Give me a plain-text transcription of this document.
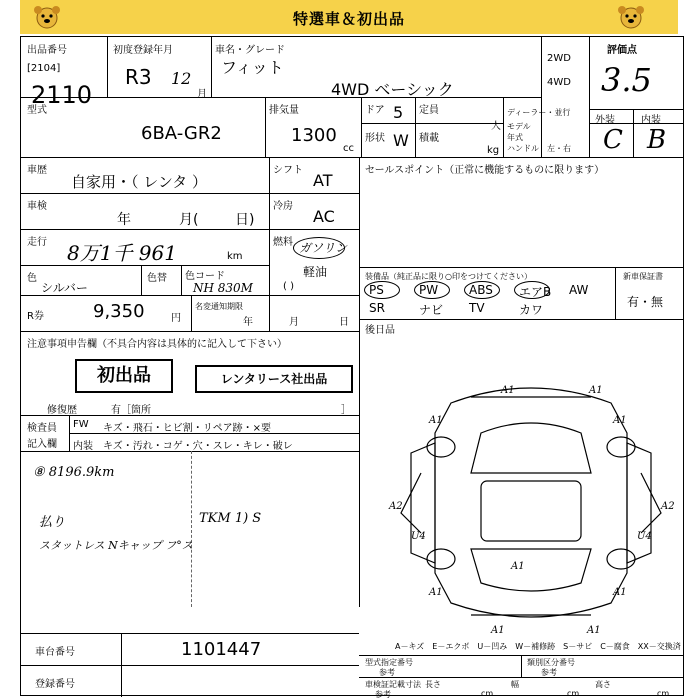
特選車＆初出品
出品番号
[2104]
2110
初度登録年月
R3 12
月
車名・グレード
フィット
4WD ベーシック
2WD
4WD
評価点
3.5
外装	内装
C B
型式
6BA-GR2
排気量
1300
cc
ドア 5
形状 W
定員
人
積載
kg
ディーラー・並行
モデル
年式
ハンドル 左・右
車歴
自家用・（ レンタ ）
シフト
AT
車検
年	月(	日)
冷房
AC
走行 8万1千 961	km
燃料 ガソリン
軽油
( )
色
シルバー
色替 色コード
NH 830M
R券	9,350	円
名変通知期限
年	月	日
セールスポイント（正常に機能するものに限ります）
装備品（純正品に限り○印をつけてください）	新車保証書
有・無
PS	PW	ABS エアB AW
SR	ナビ TV	カワ
後日品
注意事項申告欄（不具合内容は具体的に記入して下さい）
初出品	レンタリース社出品
修復歴	有［箇所	］
検査員
記入欄
FW キズ・飛石・ヒビ割・リペア跡・×要
内装 キズ・汚れ・コゲ・穴・スレ・キレ・破レ
⑧ 8196.9km
払り	TKM 1) S
スタットレス Nキャップ フ°ス
A1	A1
A1	A1
A2	A2
U4	U4
A1
A1	A1
A1	A1
A－キズ　E－エクボ　U－凹み　W－補修跡　S－サビ　C－腐食　XX－交換済
車台番号	1101447
登録番号
型式指定番号
参考
類別区分番号
参考
車検証記載寸法
参考
長さ
cm
幅
cm
高さ
cm
